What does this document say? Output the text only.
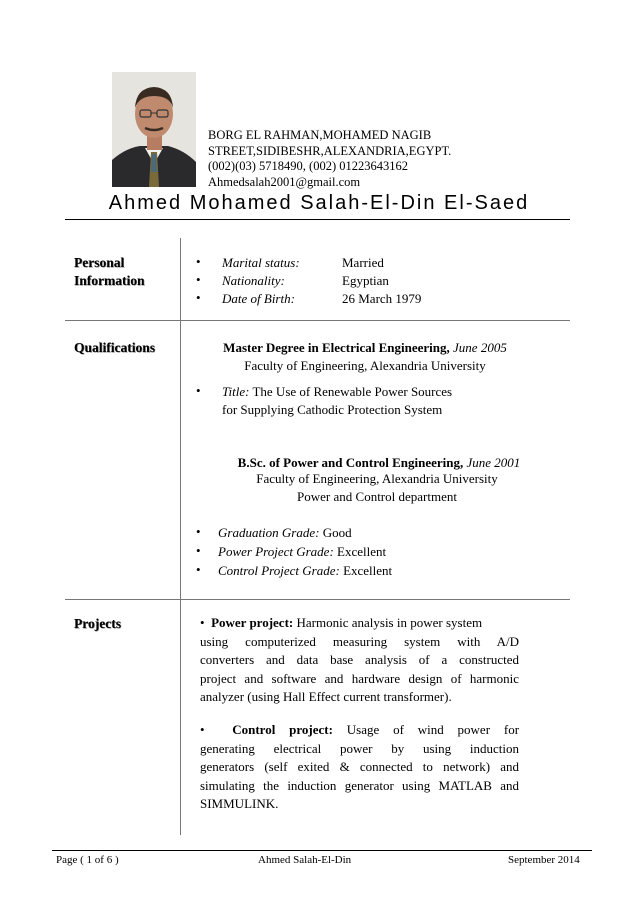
BORG EL RAHMAN,MOHAMED NAGIB
STREET,SIDIBESHR,ALEXANDRIA,EGYPT.
(002)(03) 5718490, (002) 01223643162
Ahmedsalah2001@gmail.com
Ahmed Mohamed Salah-El-Din El-Saed
Personal
Information
• Marital status:	Married
• Nationality:	Egyptian
• Date of Birth:	26 March 1979
Qualifications	Master Degree in Electrical Engineering, June 2005
Faculty of Engineering, Alexandria University
• Title: The Use of Renewable Power Sources
for Supplying Cathodic Protection System
B.Sc. of Power and Control Engineering, June 2001
Faculty of Engineering, Alexandria University
Power and Control department
• Graduation Grade: Good
• Power Project Grade: Excellent
• Control Project Grade: Excellent
Projects	• Power project: Harmonic analysis in power system
using computerized measuring system with A/D
converters and data base analysis of a constructed
project and software and hardware design of harmonic
analyzer (using Hall Effect current transformer).
• Control project: Usage of wind power for
generating electrical power by using induction
generators (self exited & connected to network) and
simulating the induction generator using MATLAB and
SIMMULINK.
Page ( 1 of 6 )	Ahmed Salah-El-Din	September 2014
